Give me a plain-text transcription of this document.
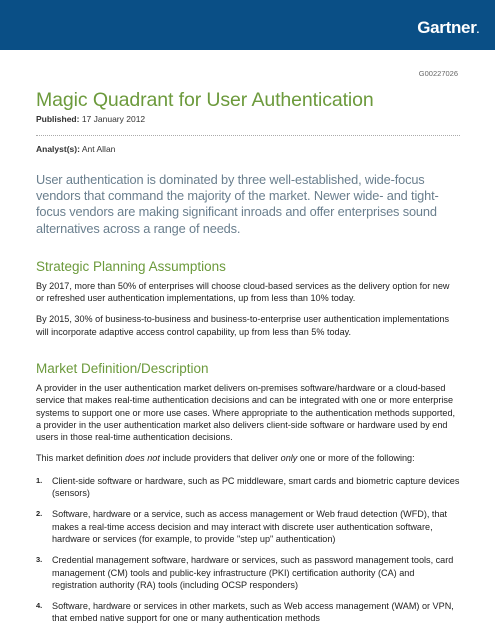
Gartner.
G00227026
Magic Quadrant for User Authentication
Published: 17 January 2012
Analyst(s): Ant Allan
User authentication is dominated by three well-established, wide-focus vendors that command the majority of the market. Newer wide- and tight-focus vendors are making significant inroads and offer enterprises sound alternatives across a range of needs.
Strategic Planning Assumptions

By 2017, more than 50% of enterprises will choose cloud-based services as the delivery option for new or refreshed user authentication implementations, up from less than 10% today.

By 2015, 30% of business-to-business and business-to-enterprise user authentication implementations will incorporate adaptive access control capability, up from less than 5% today.

Market Definition/Description

A provider in the user authentication market delivers on-premises software/hardware or a cloud-based service that makes real-time authentication decisions and can be integrated with one or more enterprise systems to support one or more use cases. Where appropriate to the authentication methods supported, a provider in the user authentication market also delivers client-side software or hardware used by end users in those real-time authentication decisions.

This market definition does not include providers that deliver only one or more of the following:

1. Client-side software or hardware, such as PC middleware, smart cards and biometric capture devices (sensors)
2. Software, hardware or a service, such as access management or Web fraud detection (WFD), that makes a real-time access decision and may interact with discrete user authentication software, hardware or services (for example, to provide "step up" authentication)
3. Credential management software, hardware or services, such as password management tools, card management (CM) tools and public-key infrastructure (PKI) certification authority (CA) and registration authority (RA) tools (including OCSP responders)
4. Software, hardware or services in other markets, such as Web access management (WAM) or VPN, that embed native support for one or many authentication methods
